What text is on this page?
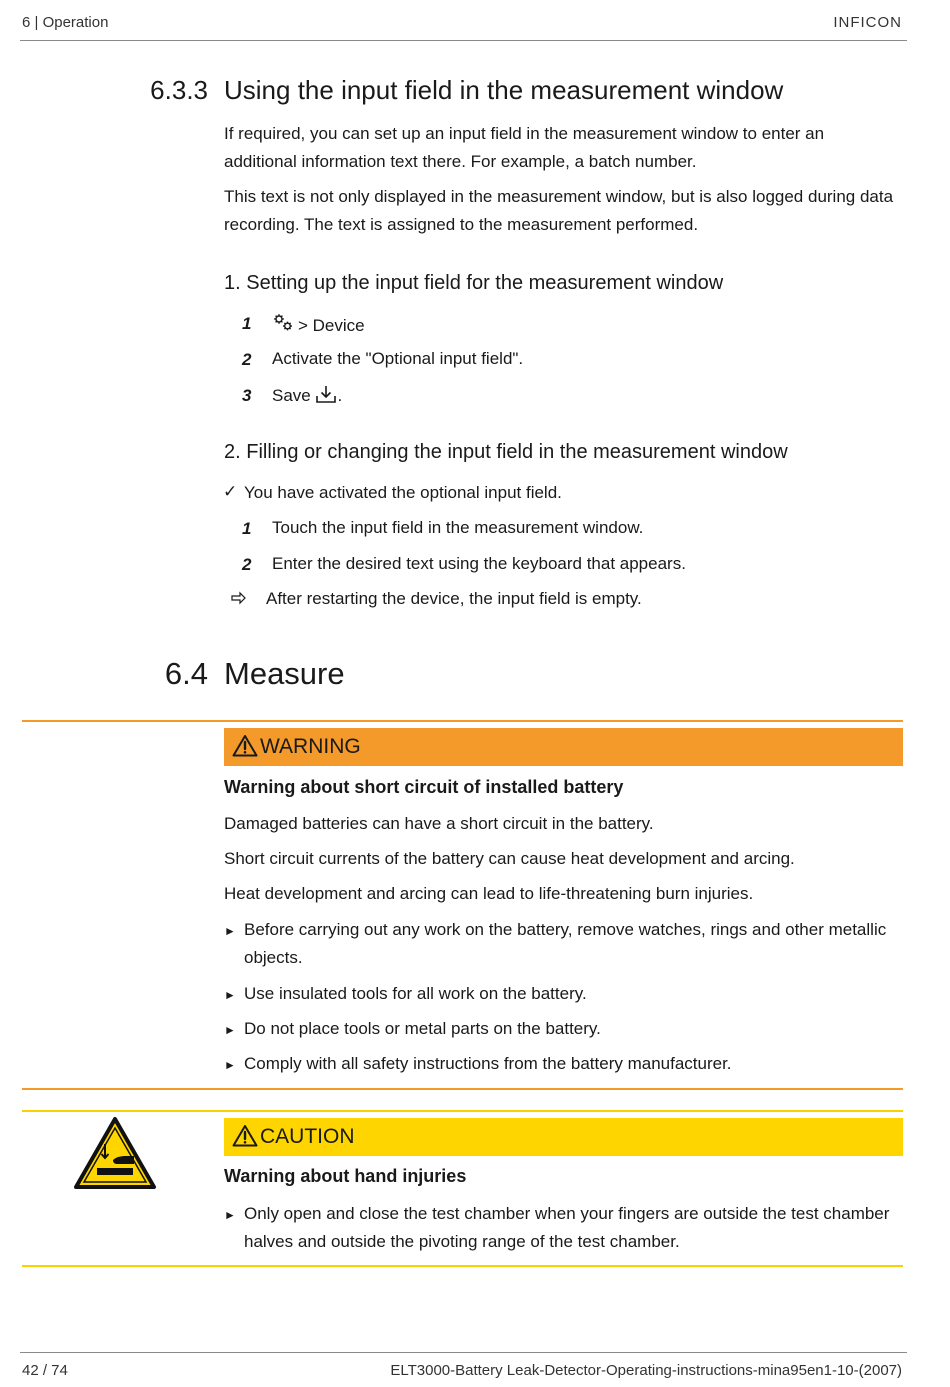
6 | Operation	INFICON
6.3.3 Using the input field in the measurement window
If required, you can set up an input field in the measurement window to enter an additional information text there. For example, a batch number.
This text is not only displayed in the measurement window, but is also logged during data recording. The text is assigned to the measurement performed.
1. Setting up the input field for the measurement window
1	> Device
2 Activate the "Optional input field".
3 Save .
2. Filling or changing the input field in the measurement window
✓ You have activated the optional input field.
1 Touch the input field in the measurement window.
2 Enter the desired text using the keyboard that appears.
After restarting the device, the input field is empty.
6.4 Measure
WARNING
Warning about short circuit of installed battery
Damaged batteries can have a short circuit in the battery.
Short circuit currents of the battery can cause heat development and arcing.
Heat development and arcing can lead to life-threatening burn injuries.
► Before carrying out any work on the battery, remove watches, rings and other metallic objects.
► Use insulated tools for all work on the battery.
► Do not place tools or metal parts on the battery.
► Comply with all safety instructions from the battery manufacturer.
CAUTION
Warning about hand injuries
► Only open and close the test chamber when your fingers are outside the test chamber halves and outside the pivoting range of the test chamber.
42 / 74	ELT3000-Battery Leak-Detector-Operating-instructions-mina95en1-10-(2007)
